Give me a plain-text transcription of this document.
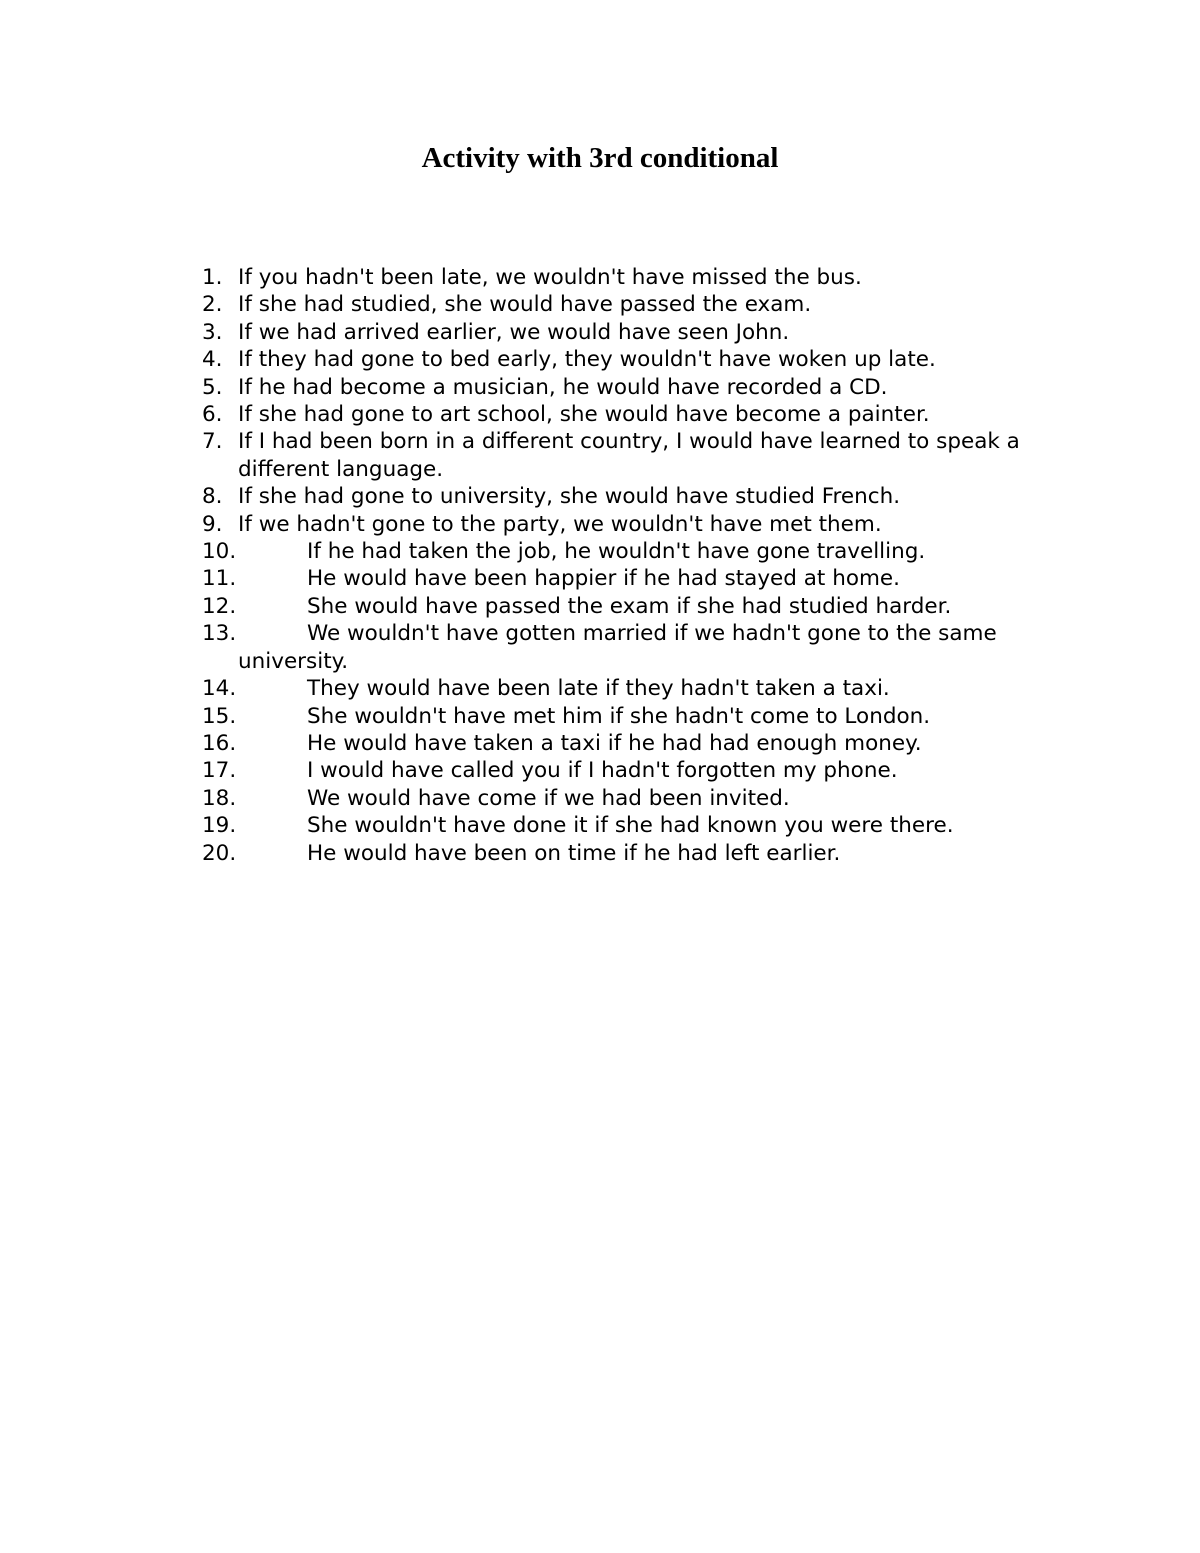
Activity with 3rd conditional
1. If you hadn't been late, we wouldn't have missed the bus.
2. If she had studied, she would have passed the exam.
3. If we had arrived earlier, we would have seen John.
4. If they had gone to bed early, they wouldn't have woken up late.
5. If he had become a musician, he would have recorded a CD.
6. If she had gone to art school, she would have become a painter.
7. If I had been born in a different country, I would have learned to speak a different language.
8. If she had gone to university, she would have studied French.
9. If we hadn't gone to the party, we wouldn't have met them.
10.	If he had taken the job, he wouldn't have gone travelling.
11.	He would have been happier if he had stayed at home.
12.	She would have passed the exam if she had studied harder.
13.	We wouldn't have gotten married if we hadn't gone to the same university.
14.	They would have been late if they hadn't taken a taxi.
15.	She wouldn't have met him if she hadn't come to London.
16.	He would have taken a taxi if he had had enough money.
17.	I would have called you if I hadn't forgotten my phone.
18.	We would have come if we had been invited.
19.	She wouldn't have done it if she had known you were there.
20.	He would have been on time if he had left earlier.
